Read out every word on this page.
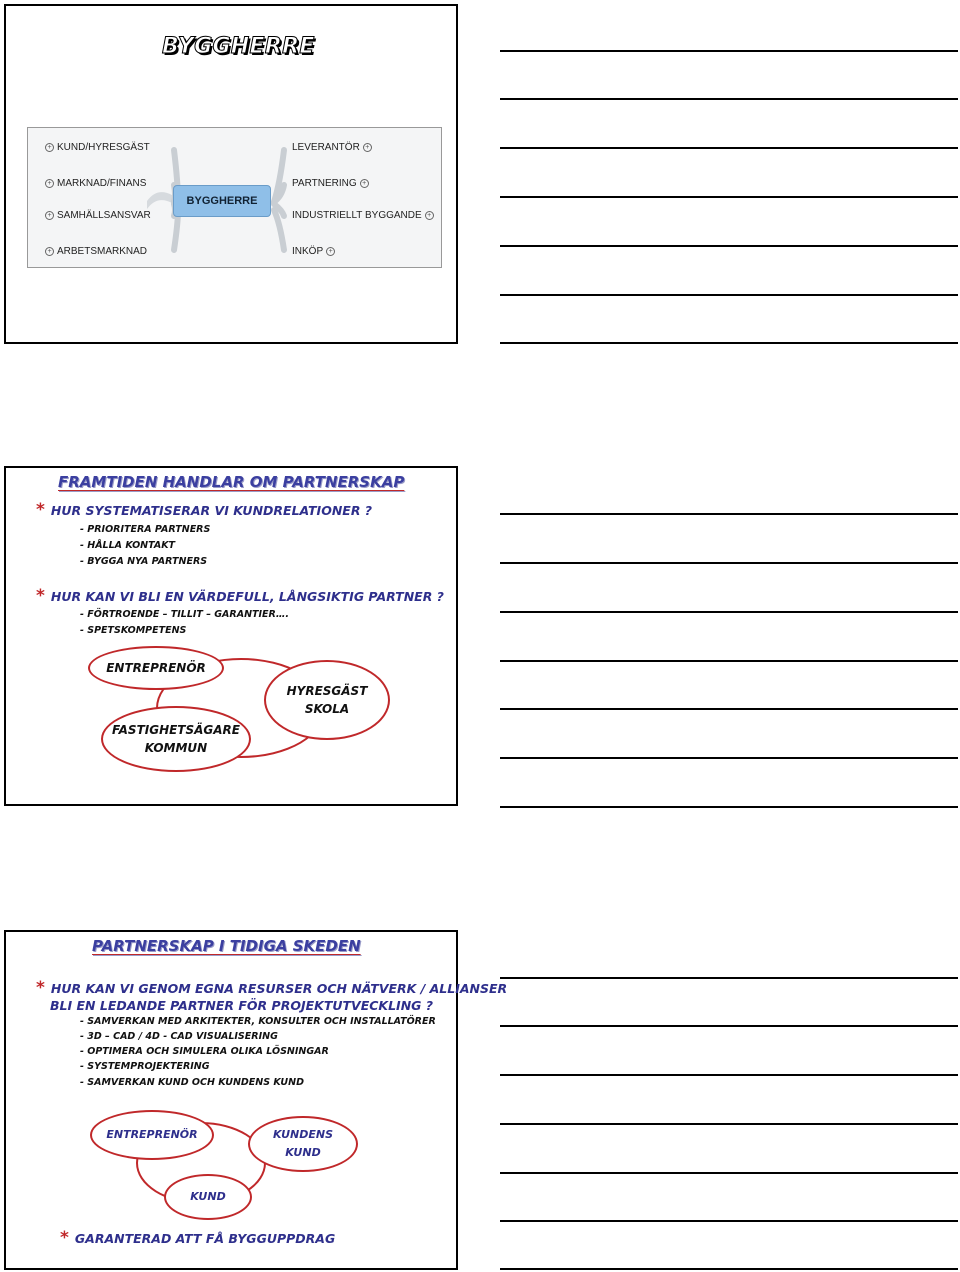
BYGGHERRE
+ KUND/HYRESGÄST
+ MARKNAD/FINANS
+ SAMHÄLLSANSVAR
+ ARBETSMARKNAD
LEVERANTÖR +
PARTNERING +
INDUSTRIELLT BYGGANDE +
INKÖP +
BYGGHERRE
FRAMTIDEN HANDLAR OM PARTNERSKAP
* HUR SYSTEMATISERAR VI KUNDRELATIONER ?
- PRIORITERA PARTNERS
- HÅLLA KONTAKT
- BYGGA NYA PARTNERS
* HUR KAN VI BLI EN VÄRDEFULL, LÅNGSIKTIG PARTNER ?
- FÖRTROENDE – TILLIT – GARANTIER….
- SPETSKOMPETENS
ENTREPRENÖR
FASTIGHETSÄGARE
KOMMUN
HYRESGÄST
SKOLA
PARTNERSKAP I TIDIGA SKEDEN
* HUR KAN VI GENOM EGNA RESURSER OCH NÄTVERK / ALLIANSER
BLI EN LEDANDE PARTNER FÖR PROJEKTUTVECKLING ?
- SAMVERKAN MED ARKITEKTER, KONSULTER OCH INSTALLATÖRER
- 3D – CAD / 4D - CAD VISUALISERING
- OPTIMERA OCH SIMULERA OLIKA LÖSNINGAR
- SYSTEMPROJEKTERING
- SAMVERKAN KUND OCH KUNDENS KUND
ENTREPRENÖR	KUNDENS
KUND
KUND
* GARANTERAD ATT FÅ BYGGUPPDRAG
